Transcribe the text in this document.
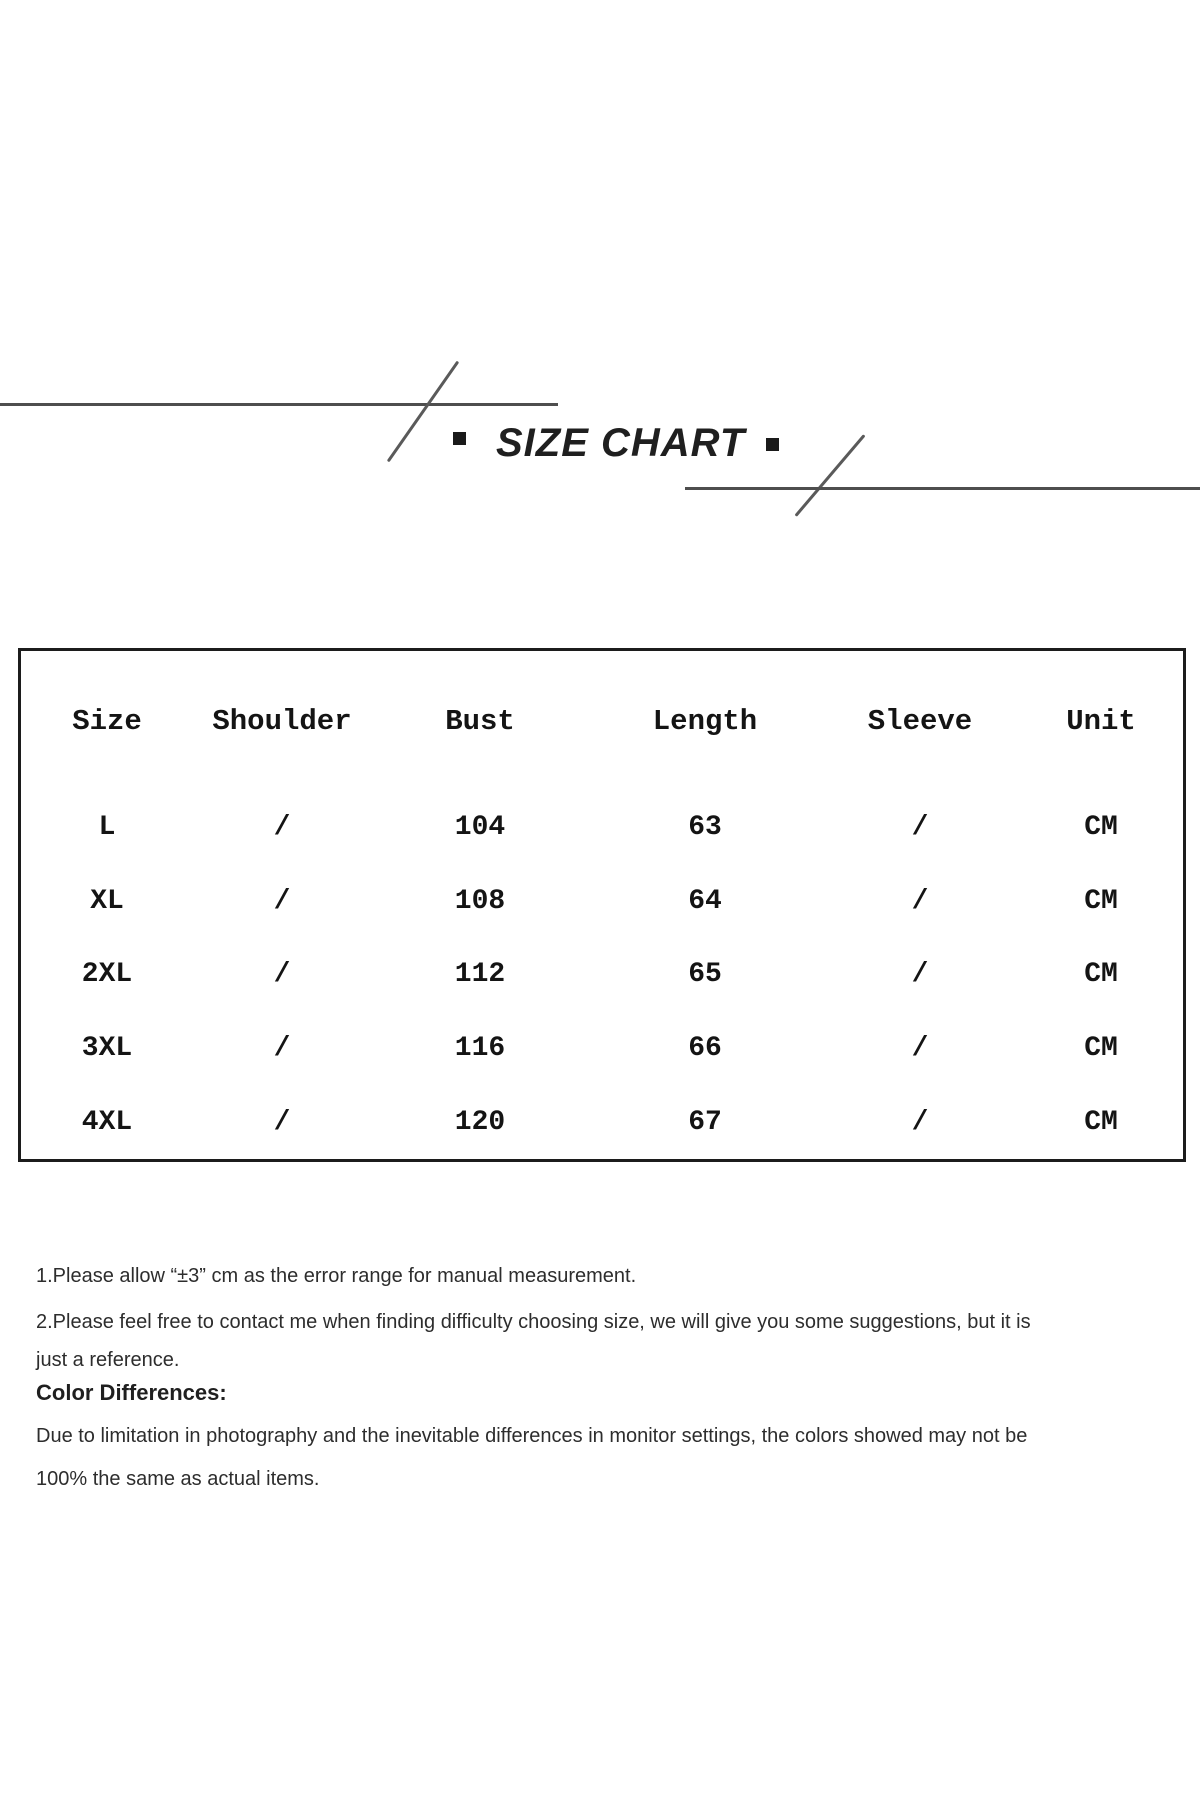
SIZE CHART
Size	Shoulder	Bust	Length	Sleeve	Unit
L	/	104	63	/	CM
XL	/	108	64	/	CM
2XL	/	112	65	/	CM
3XL	/	116	66	/	CM
4XL	/	120	67	/	CM

1.Please allow “±3” cm as the error range for manual measurement.

2.Please feel free to contact me when finding difficulty choosing size, we will give you some suggestions, but it is
just a reference.

Color Differences:

Due to limitation in photography and the inevitable differences in monitor settings, the colors showed may not be
100% the same as actual items.
